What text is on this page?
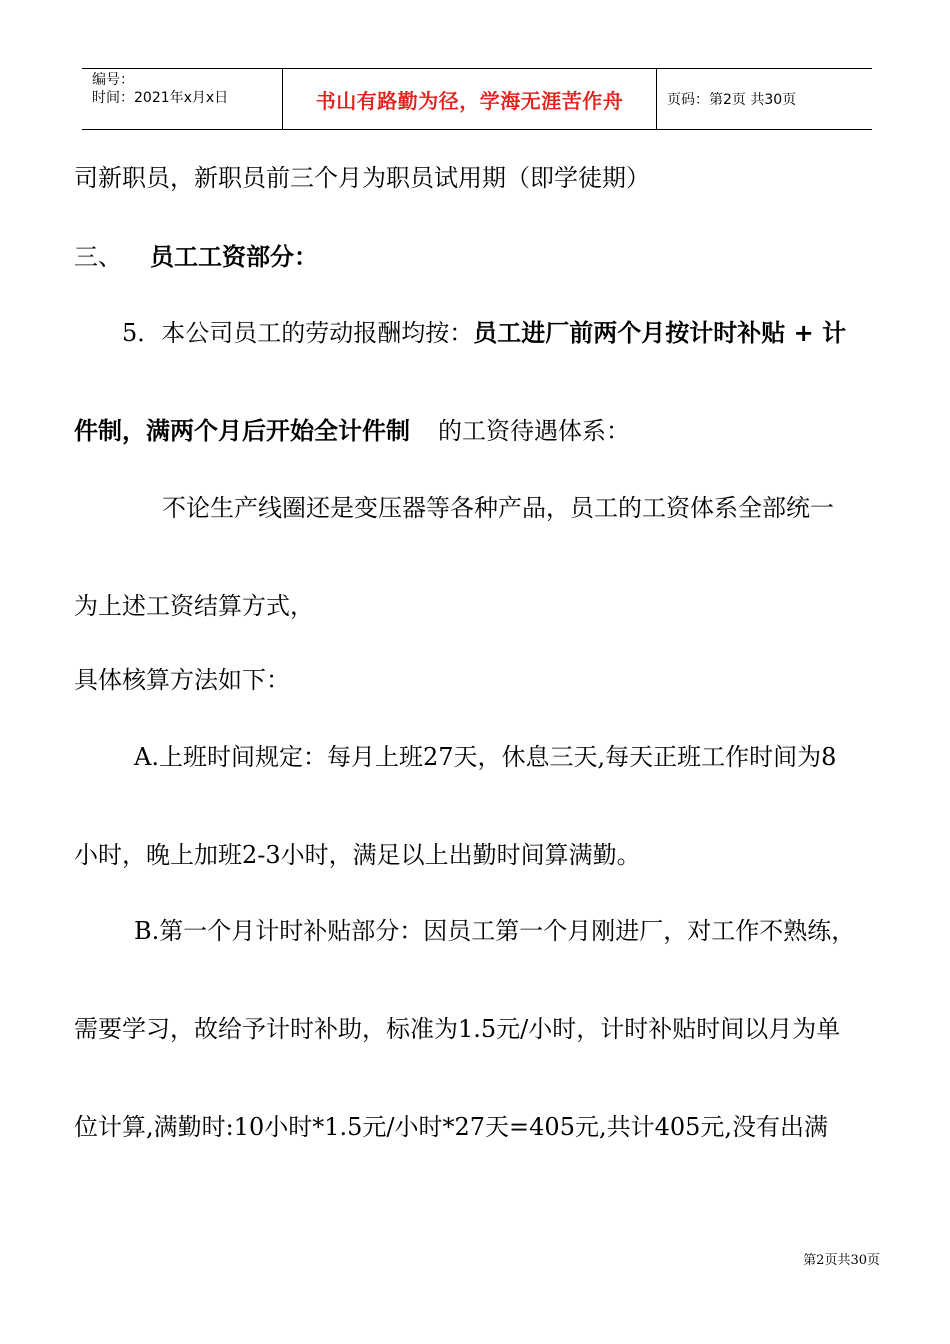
编号：
时间：2021年x月x日	书山有路勤为径，学海无涯苦作舟	页码：第2页 共30页
司新职员，新职员前三个月为职员试用期（即学徒期）
三、 员工工资部分：
5．本公司员工的劳动报酬均按：员工进厂前两个月按计时补贴 + 计
件制，满两个月后开始全计件制 的工资待遇体系：
不论生产线圈还是变压器等各种产品，员工的工资体系全部统一
为上述工资结算方式，
具体核算方法如下：
A.上班时间规定：每月上班27天，休息三天,每天正班工作时间为8
小时，晚上加班2-3小时，满足以上出勤时间算满勤。
B.第一个月计时补贴部分：因员工第一个月刚进厂，对工作不熟练，
需要学习，故给予计时补助，标准为1.5元/小时，计时补贴时间以月为单
位计算,满勤时:10小时*1.5元/小时*27天=405元,共计405元,没有出满
第2页共30页
